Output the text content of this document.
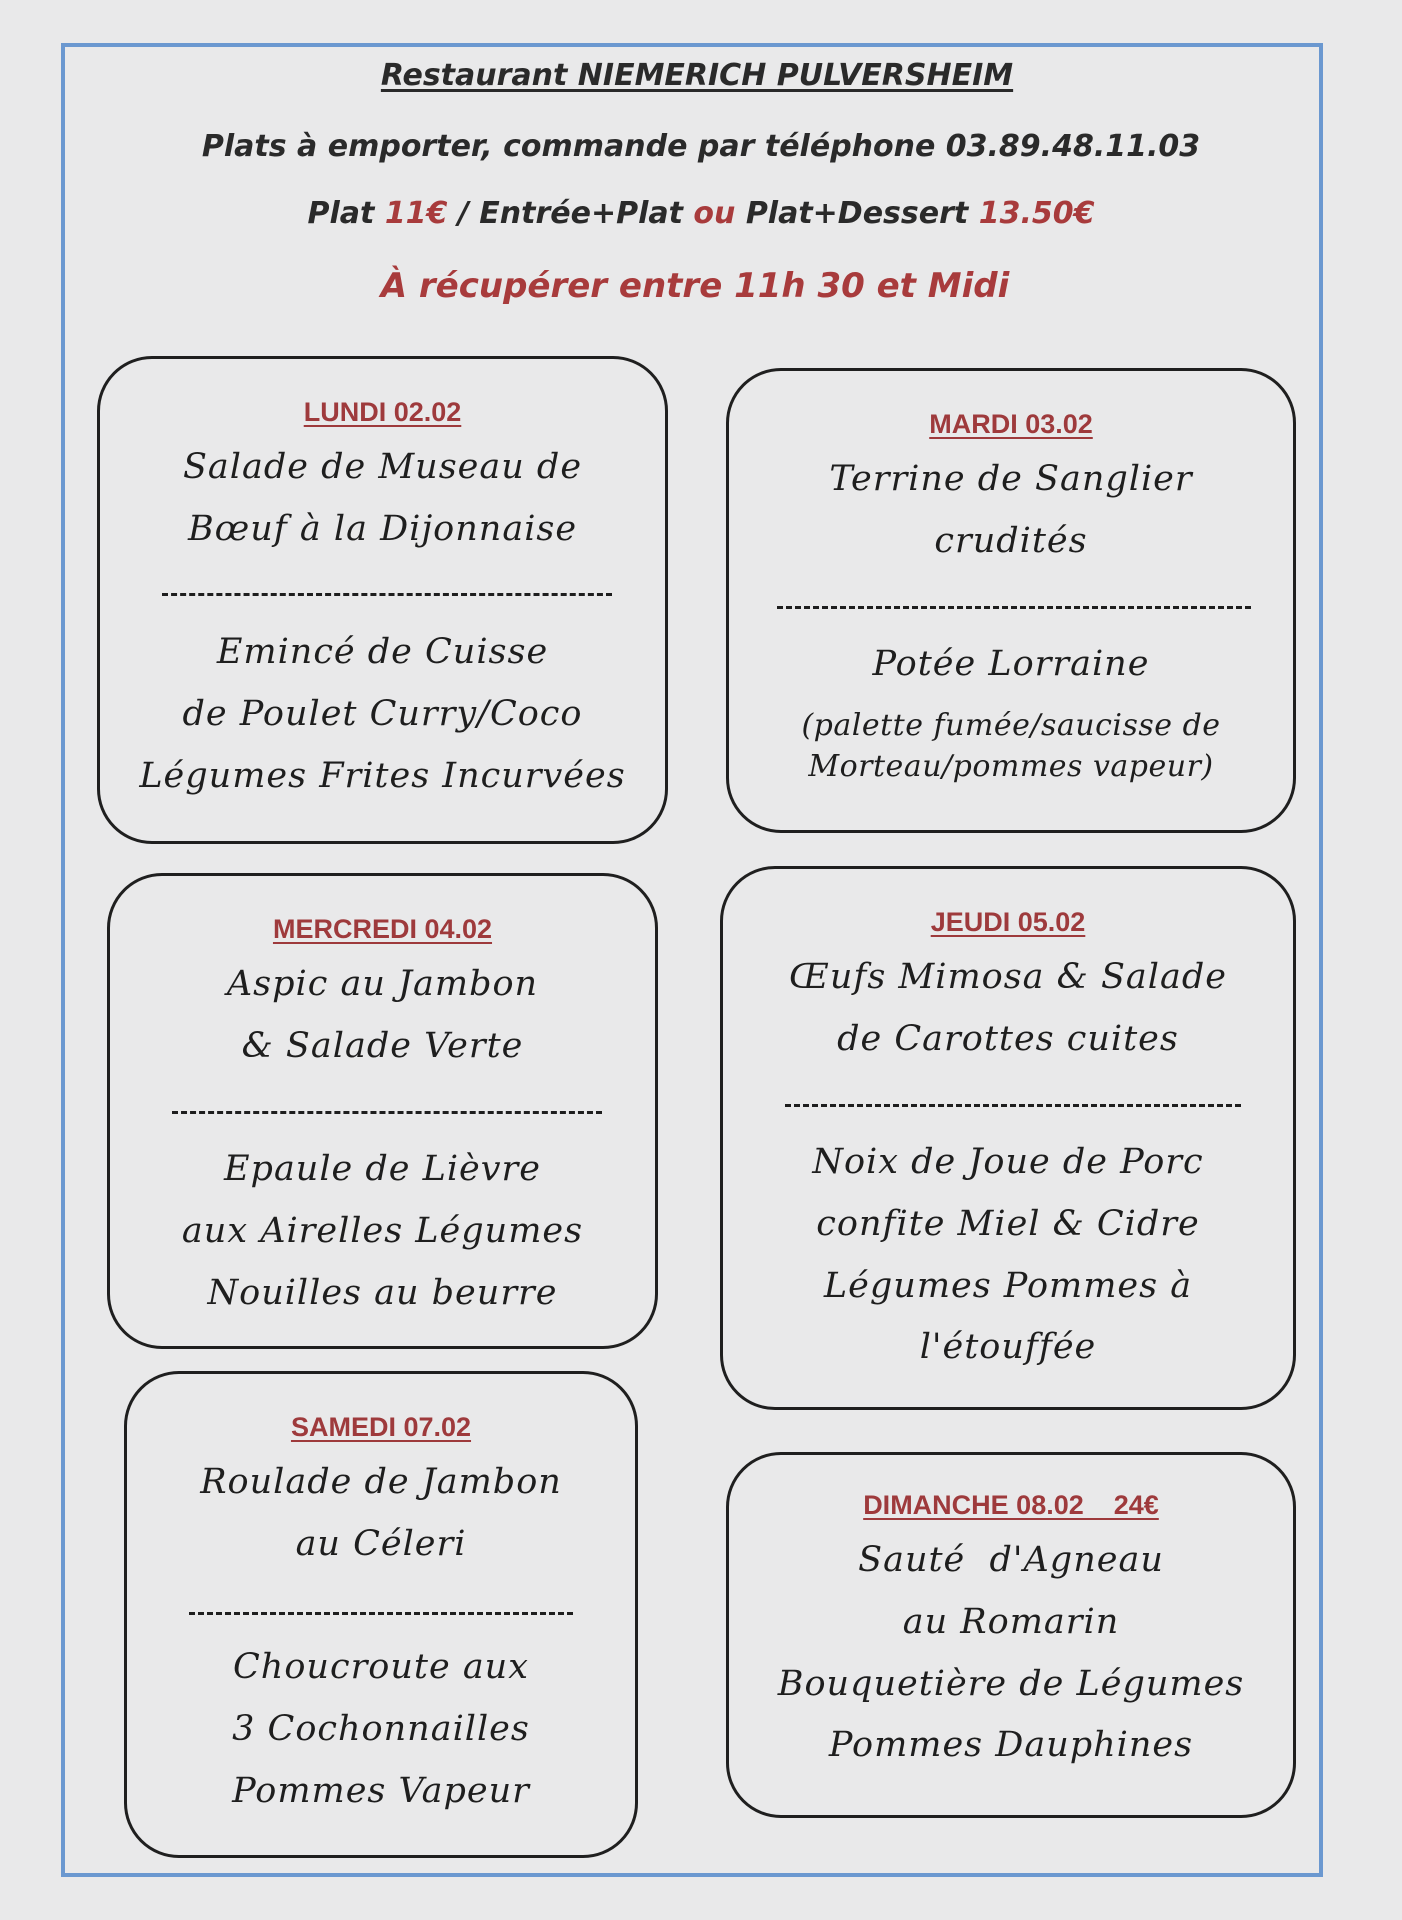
Restaurant NIEMERICH PULVERSHEIM
Plats à emporter, commande par téléphone 03.89.48.11.03
Plat 11€ / Entrée+Plat ou Plat+Dessert 13.50€
À récupérer entre 11h 30 et Midi
LUNDI 02.02
Salade de Museau de
Bœuf à la Dijonnaise
Emincé de Cuisse
de Poulet Curry/Coco
Légumes Frites Incurvées
MARDI 03.02
Terrine de Sanglier
crudités
Potée Lorraine
(palette fumée/saucisse de
Morteau/pommes vapeur)
MERCREDI 04.02
Aspic au Jambon
& Salade Verte
Epaule de Lièvre
aux Airelles Légumes
Nouilles au beurre
JEUDI 05.02
Œufs Mimosa & Salade
de Carottes cuites
Noix de Joue de Porc
confite Miel & Cidre
Légumes Pommes à
l'étouffée
SAMEDI 07.02
Roulade de Jambon
au Céleri
Choucroute aux
3 Cochonnailles
Pommes Vapeur
DIMANCHE 08.02    24€
Sauté  d'Agneau
au Romarin
Bouquetière de Légumes
Pommes Dauphines
